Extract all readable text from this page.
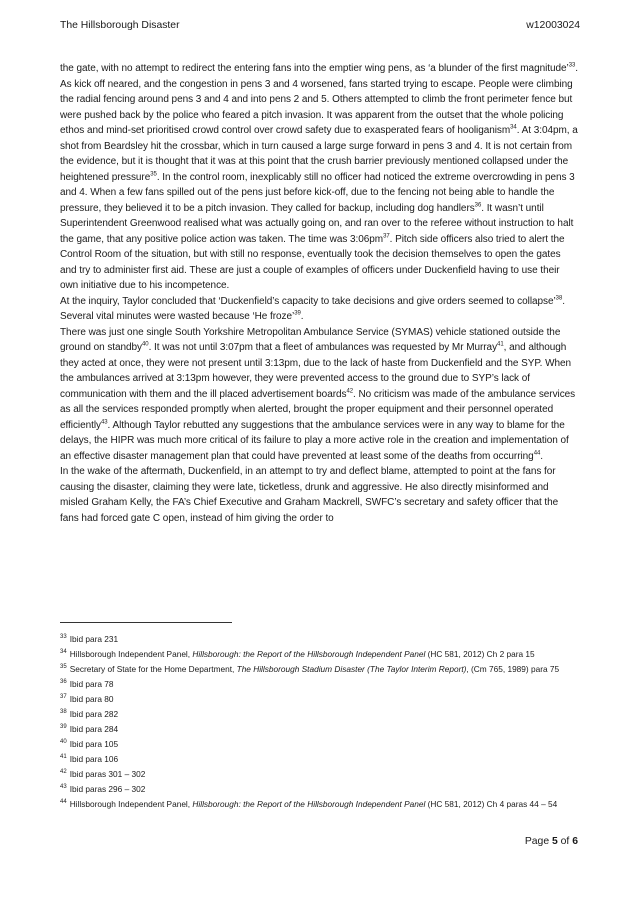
The Hillsborough Disaster	w12003024

the gate, with no attempt to redirect the entering fans into the emptier wing pens, as ‘a blunder of the first magnitude’$^{33}$.

As kick off neared, and the congestion in pens 3 and 4 worsened, fans started trying to escape. People were climbing the radial fencing around pens 3 and 4 and into pens 2 and 5. Others attempted to climb the front perimeter fence but were pushed back by the police who feared a pitch invasion. It was apparent from the outset that the whole policing ethos and mind-set prioritised crowd control over crowd safety due to exasperated fears of hooliganism$^{34}$. At 3:04pm, a shot from Beardsley hit the crossbar, which in turn caused a large surge forward in pens 3 and 4. It is not certain from the evidence, but it is thought that it was at this point that the crush barrier previously mentioned collapsed under the heightened pressure$^{35}$. In the control room, inexplicably still no officer had noticed the extreme overcrowding in pens 3 and 4. When a few fans spilled out of the pens just before kick-off, due to the fencing not being able to handle the pressure, they believed it to be a pitch invasion. They called for backup, including dog handlers$^{36}$. It wasn’t until Superintendent Greenwood realised what was actually going on, and ran over to the referee without instruction to halt the game, that any positive police action was taken. The time was $3:06pm^{37}$. Pitch side officers also tried to alert the Control Room of the situation, but with still no response, eventually took the decision themselves to open the gates and try to administer first aid. These are just a couple of examples of officers under Duckenfield having to use their own initiative due to his incompetence.

At the inquiry, Taylor concluded that ‘Duckenfield’s capacity to take decisions and give orders seemed to collapse’$^{38}$. Several vital minutes were wasted because ‘He froze’$^{39}$.

There was just one single South Yorkshire Metropolitan Ambulance Service (SYMAS) vehicle stationed outside the ground on standby$^{40}$. It was not until 3:07pm that a fleet of ambulances was requested by Mr Murray$^{41}$, and although they acted at once, they were not present until 3:13pm, due to the lack of haste from Duckenfield and the SYP. When the ambulances arrived at 3:13pm however, they were prevented access to the ground due to SYP’s lack of communication with them and the ill placed advertisement boards$^{42}$. No criticism was made of the ambulance services as all the services responded promptly when alerted, brought the proper equipment and their personnel operated efficiently$^{43}$. Although Taylor rebutted any suggestions that the ambulance services were in any way to blame for the delays, the HIPR was much more critical of its failure to play a more active role in the creation and implementation of an effective disaster management plan that could have prevented at least some of the deaths from occurring$^{44}$.

In the wake of the aftermath, Duckenfield, in an attempt to try and deflect blame, attempted to point at the fans for causing the disaster, claiming they were late, ticketless, drunk and aggressive. He also directly misinformed and misled Graham Kelly, the FA’s Chief Executive and Graham Mackrell, SWFC’s secretary and safety officer that the fans had forced gate C open, instead of him giving the order to

$^{33}$ Ibid para 231
$^{34}$ Hillsborough Independent Panel, Hillsborough: the Report of the Hillsborough Independent Panel (HC 581, 2012) Ch 2 para 15
$^{35}$ Secretary of State for the Home Department, The Hillsborough Stadium Disaster (The Taylor Interim Report), (Cm 765, 1989) para 75
$^{36}$ Ibid para 78
$^{37}$ Ibid para 80
$^{38}$ Ibid para 282
$^{39}$ Ibid para 284
$^{40}$ Ibid para 105
$^{41}$ Ibid para 106
$^{42}$ Ibid paras 301 – 302
$^{43}$ Ibid paras 296 – 302
$^{44}$ Hillsborough Independent Panel, Hillsborough: the Report of the Hillsborough Independent Panel (HC 581, 2012) Ch 4 paras 44 – 54
Page 5 of 6
